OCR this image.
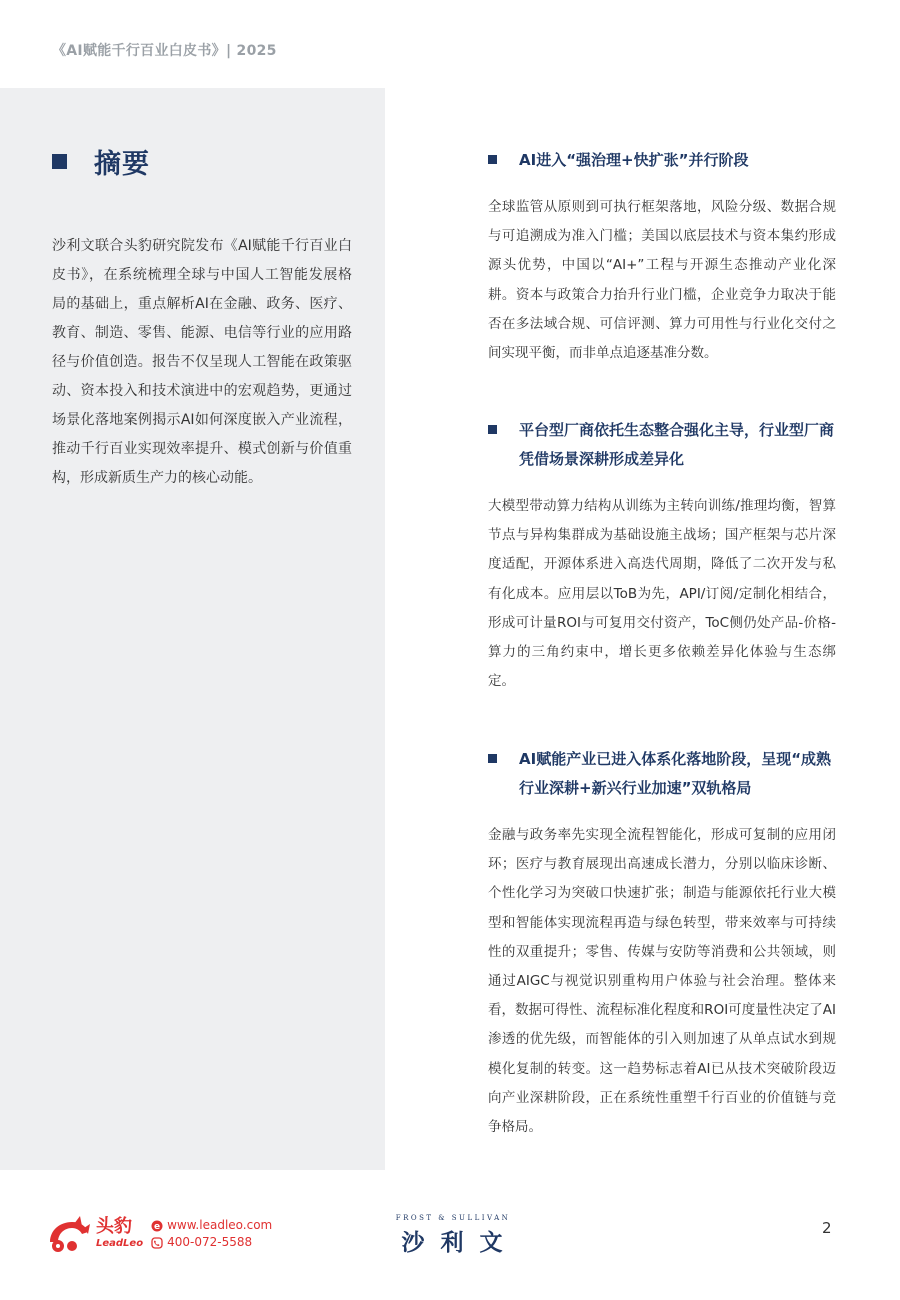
《AI赋能千行百业白皮书》| 2025
摘要

沙利文联合头豹研究院发布《AI赋能千行百业白皮书》，在系统梳理全球与中国人工智能发展格局的基础上，重点解析AI在金融、政务、医疗、教育、制造、零售、能源、电信等行业的应用路径与价值创造。报告不仅呈现人工智能在政策驱动、资本投入和技术演进中的宏观趋势，更通过场景化落地案例揭示AI如何深度嵌入产业流程，推动千行百业实现效率提升、模式创新与价值重构，形成新质生产力的核心动能。

AI进入“强治理+快扩张”并行阶段

全球监管从原则到可执行框架落地，风险分级、数据合规与可追溯成为准入门槛；美国以底层技术与资本集约形成源头优势，中国以“AI+”工程与开源生态推动产业化深耕。资本与政策合力抬升行业门槛，企业竞争力取决于能否在多法域合规、可信评测、算力可用性与行业化交付之间实现平衡，而非单点追逐基准分数。

平台型厂商依托生态整合强化主导，行业型厂商凭借场景深耕形成差异化

大模型带动算力结构从训练为主转向训练/推理均衡，智算节点与异构集群成为基础设施主战场；国产框架与芯片深度适配，开源体系进入高迭代周期，降低了二次开发与私有化成本。应用层以ToB为先，API/订阅/定制化相结合，形成可计量ROI与可复用交付资产，ToC侧仍处产品-价格-算力的三角约束中，增长更多依赖差异化体验与生态绑定。

AI赋能产业已进入体系化落地阶段，呈现“成熟行业深耕+新兴行业加速”双轨格局

金融与政务率先实现全流程智能化，形成可复制的应用闭环；医疗与教育展现出高速成长潜力，分别以临床诊断、个性化学习为突破口快速扩张；制造与能源依托行业大模型和智能体实现流程再造与绿色转型，带来效率与可持续性的双重提升；零售、传媒与安防等消费和公共领域，则通过AIGC与视觉识别重构用户体验与社会治理。整体来看，数据可得性、流程标准化程度和ROI可度量性决定了AI渗透的优先级，而智能体的引入则加速了从单点试水到规模化复制的转变。这一趋势标志着AI已从技术突破阶段迈向产业深耕阶段，正在系统性重塑千行百业的价值链与竞争格局。

头豹
LeadLeo
e www.leadleo.com
400-072-5588
FROST & SULLIVAN
沙利文
2
